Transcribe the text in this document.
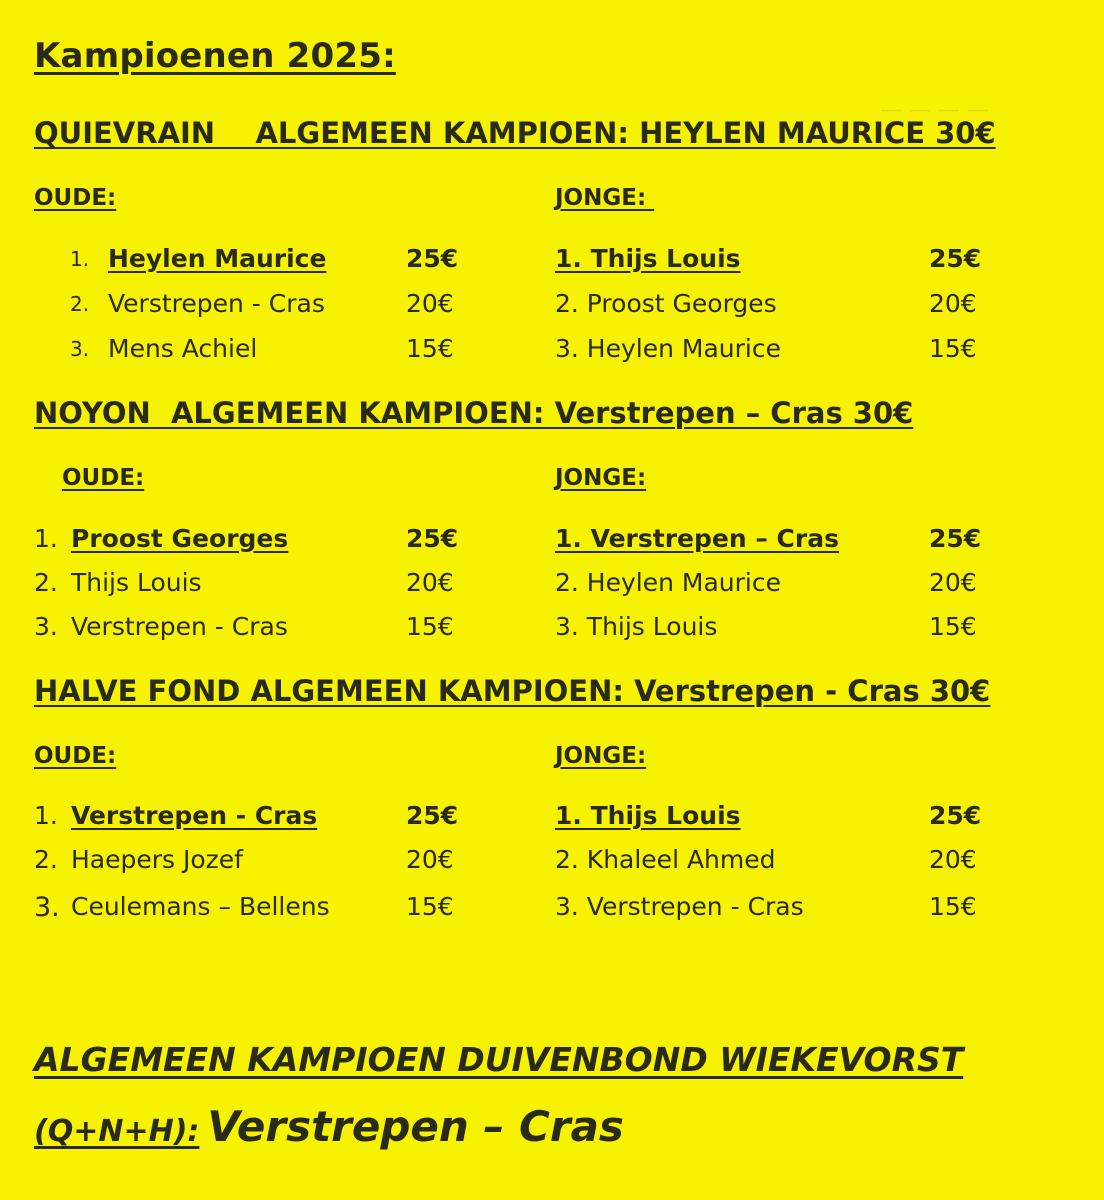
— — — —
Kampioenen 2025:
QUIEVRAIN    ALGEMEEN KAMPIOEN: HEYLEN MAURICE 30€
OUDE:	JONGE:
1. Heylen Maurice	25€
2. Verstrepen - Cras	20€
3. Mens Achiel	15€
1. Thijs Louis	25€
2. Proost Georges	20€
3. Heylen Maurice	15€
NOYON  ALGEMEEN KAMPIOEN: Verstrepen – Cras 30€
OUDE:	JONGE:
1. Proost Georges	25€
2. Thijs Louis	20€
3. Verstrepen - Cras	15€
1. Verstrepen – Cras	25€
2. Heylen Maurice	20€
3. Thijs Louis	15€
HALVE FOND ALGEMEEN KAMPIOEN: Verstrepen - Cras 30€
OUDE:	JONGE:
1. Verstrepen - Cras	25€
2. Haepers Jozef	20€
3. Ceulemans – Bellens	15€
1. Thijs Louis	25€
2. Khaleel Ahmed	20€
3. Verstrepen - Cras	15€
ALGEMEEN KAMPIOEN DUIVENBOND WIEKEVORST
(Q+N+H): Verstrepen – Cras
